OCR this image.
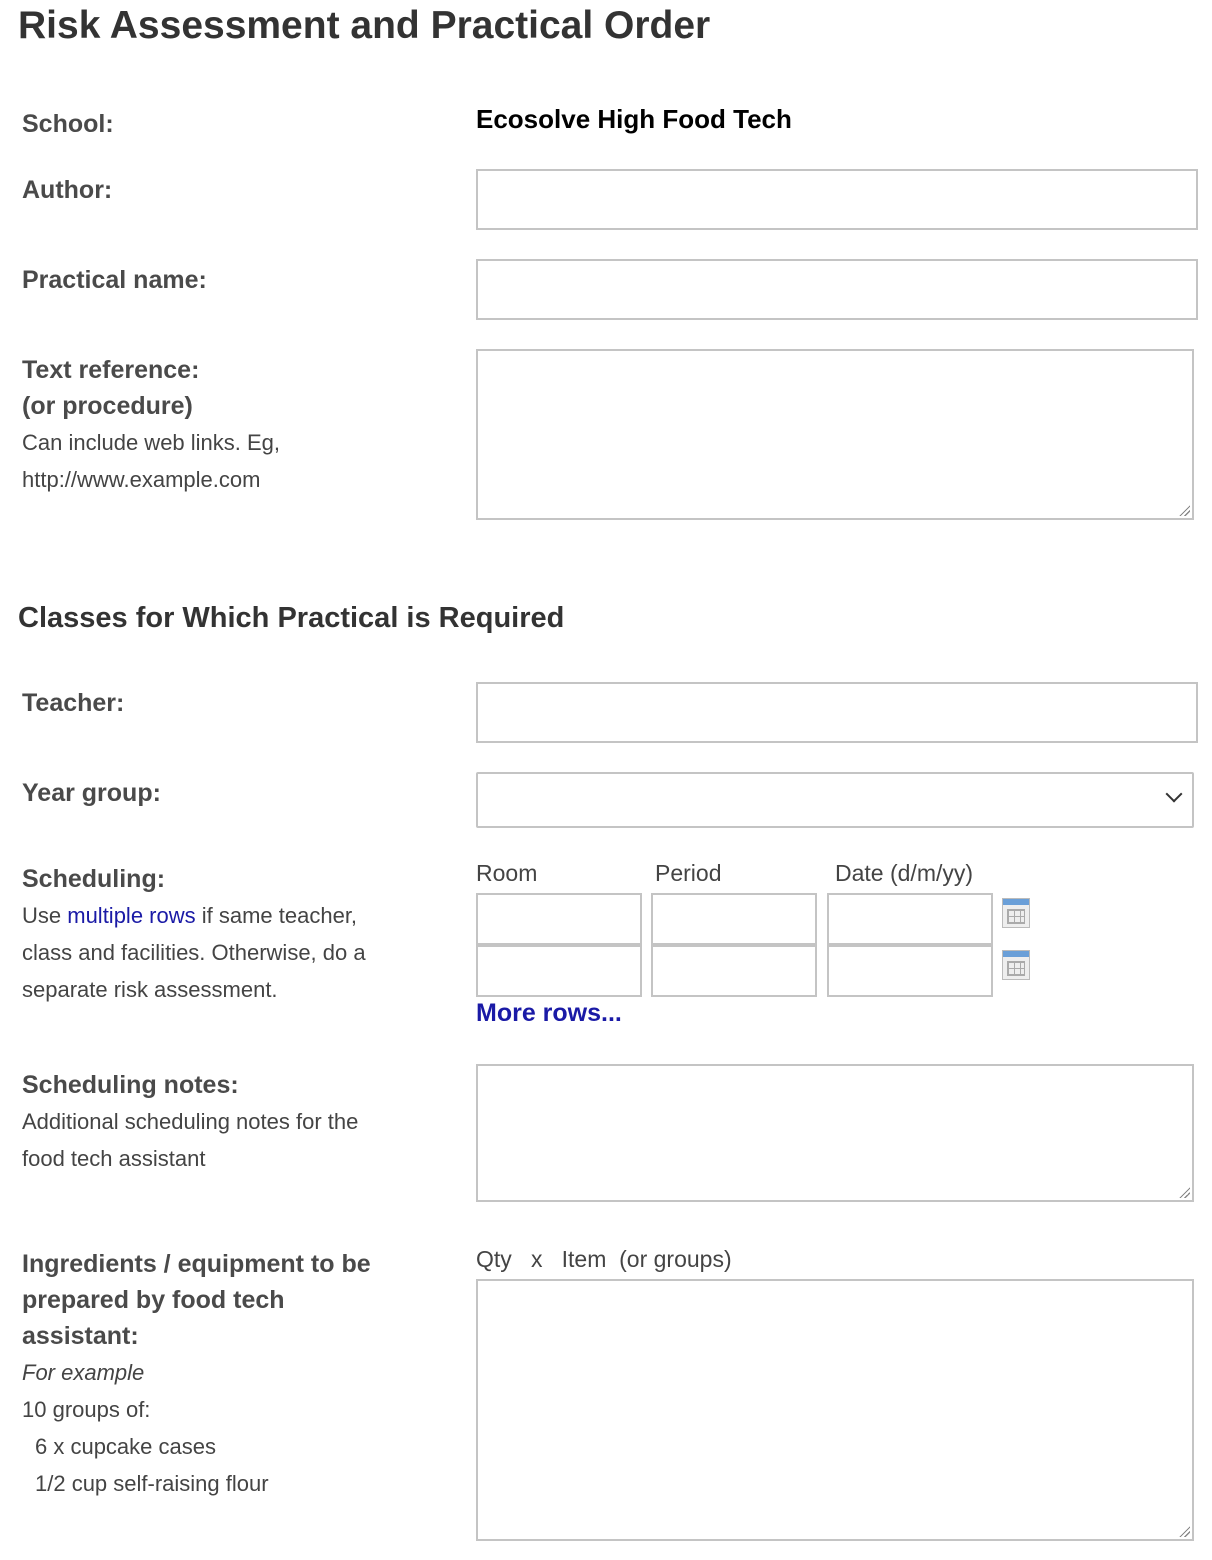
Risk Assessment and Practical Order
School:	Ecosolve High Food Tech
Author:
Practical name:
Text reference:
(or procedure)
Can include web links. Eg,
http://www.example.com
Classes for Which Practical is Required
Teacher:
Year group:
Scheduling:
Use multiple rows if same teacher,
class and facilities. Otherwise, do a
separate risk assessment.
Room	Period	Date (d/m/yy)
More rows...
Scheduling notes:
Additional scheduling notes for the
food tech assistant
Ingredients / equipment to be
prepared by food tech
assistant:
For example
10 groups of:
6 x cupcake cases
1/2 cup self-raising flour
Qty   x   Item  (or groups)
